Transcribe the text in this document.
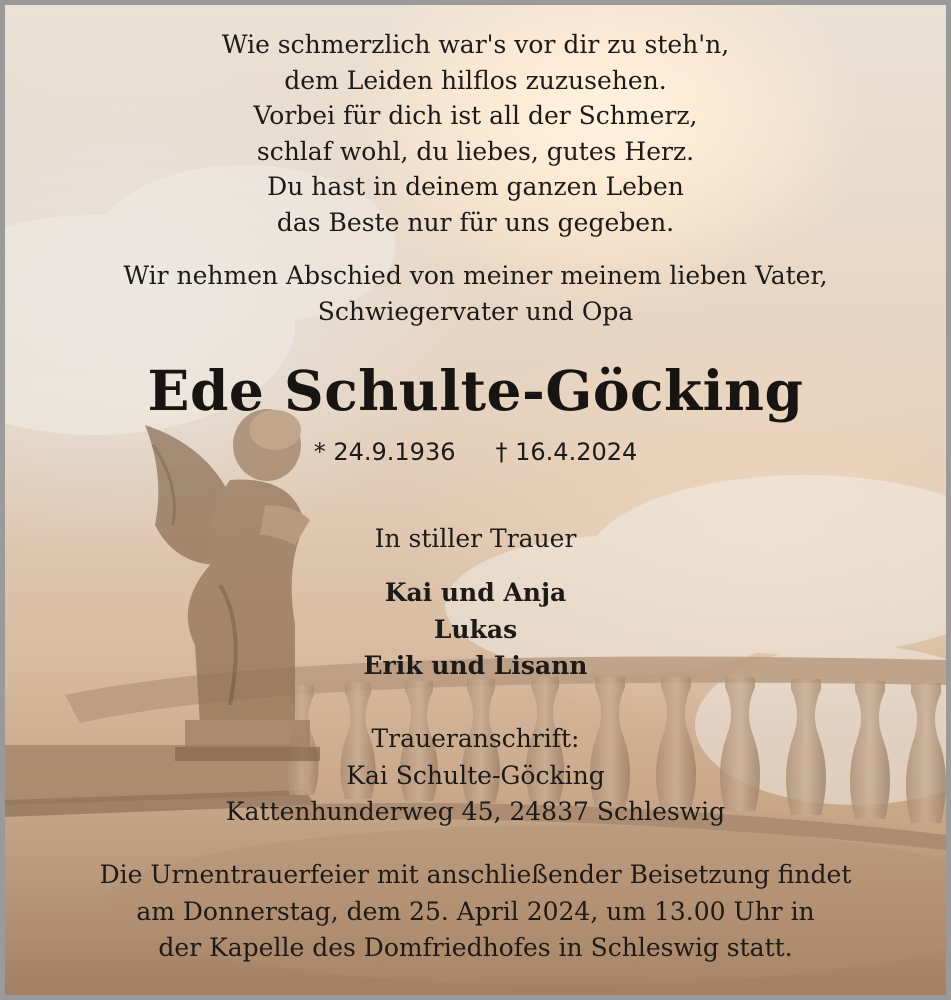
Wie schmerzlich war's vor dir zu steh'n,
dem Leiden hilflos zuzusehen.
Vorbei für dich ist all der Schmerz,
schlaf wohl, du liebes, gutes Herz.
Du hast in deinem ganzen Leben
das Beste nur für uns gegeben.
Wir nehmen Abschied von meiner meinem lieben Vater,
Schwiegervater und Opa
Ede Schulte-Göcking
* 24.9.1936 † 16.4.2024
In stiller Trauer
Kai und Anja
Lukas
Erik und Lisann
Traueranschrift:
Kai Schulte-Göcking
Kattenhunderweg 45, 24837 Schleswig
Die Urnentrauerfeier mit anschließender Beisetzung findet
am Donnerstag, dem 25. April 2024, um 13.00 Uhr in
der Kapelle des Domfriedhofes in Schleswig statt.
